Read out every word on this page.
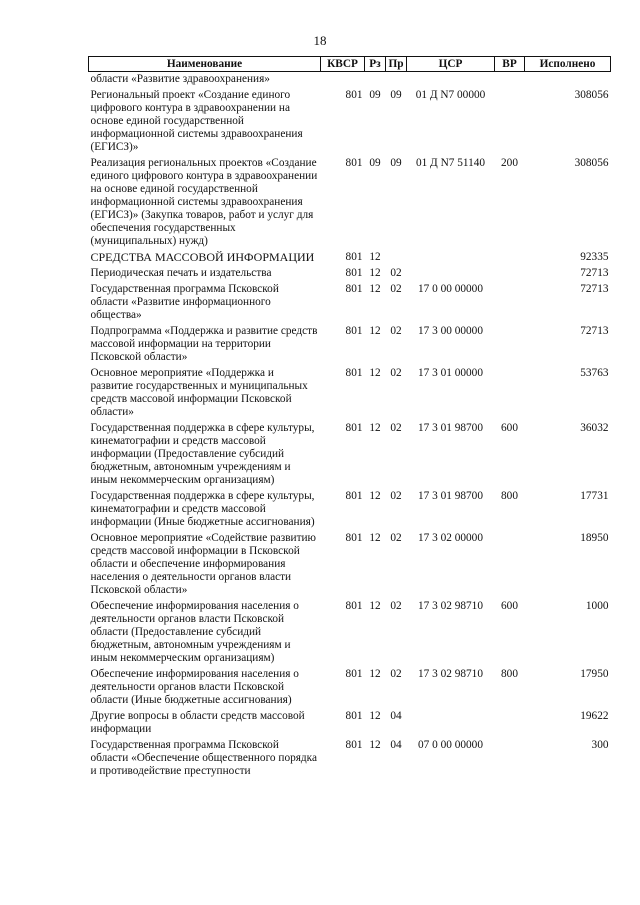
18
Наименование	КВСР	Рз	Пр	ЦСР	ВР	Исполнено
области «Развитие здравоохранения»						
Региональный проект «Создание единого цифрового контура в здравоохранении на основе единой государственной информационной системы здравоохранения (ЕГИСЗ)»	801	09	09	01 Д N7 00000		308056
Реализация региональных проектов «Создание единого цифрового контура в здравоохранении на основе единой государственной информационной системы здравоохранения (ЕГИСЗ)» (Закупка товаров, работ и услуг для обеспечения государственных (муниципальных) нужд)	801	09	09	01 Д N7 51140	200	308056
СРЕДСТВА МАССОВОЙ ИНФОРМАЦИИ	801	12				92335
Периодическая печать и издательства	801	12	02			72713
Государственная программа Псковской области «Развитие информационного общества»	801	12	02	17 0 00 00000		72713
Подпрограмма «Поддержка и развитие средств массовой информации на территории Псковской области»	801	12	02	17 3 00 00000		72713
Основное мероприятие «Поддержка и развитие государственных и муниципальных средств массовой информации Псковской области»	801	12	02	17 3 01 00000		53763
Государственная поддержка в сфере культуры, кинематографии и средств массовой информации (Предоставление субсидий бюджетным, автономным учреждениям и иным некоммерческим организациям)	801	12	02	17 3 01 98700	600	36032
Государственная поддержка в сфере культуры, кинематографии и средств массовой информации (Иные бюджетные ассигнования)	801	12	02	17 3 01 98700	800	17731
Основное мероприятие «Содействие развитию средств массовой информации в Псковской области и обеспечение информирования населения о деятельности органов власти Псковской области»	801	12	02	17 3 02 00000		18950
Обеспечение информирования населения о деятельности органов власти Псковской области (Предоставление субсидий бюджетным, автономным учреждениям и иным некоммерческим организациям)	801	12	02	17 3 02 98710	600	1000
Обеспечение информирования населения о деятельности органов власти Псковской области (Иные бюджетные ассигнования)	801	12	02	17 3 02 98710	800	17950
Другие вопросы в области средств массовой информации	801	12	04			19622
Государственная программа Псковской области «Обеспечение общественного порядка и противодействие преступности	801	12	04	07 0 00 00000		300
